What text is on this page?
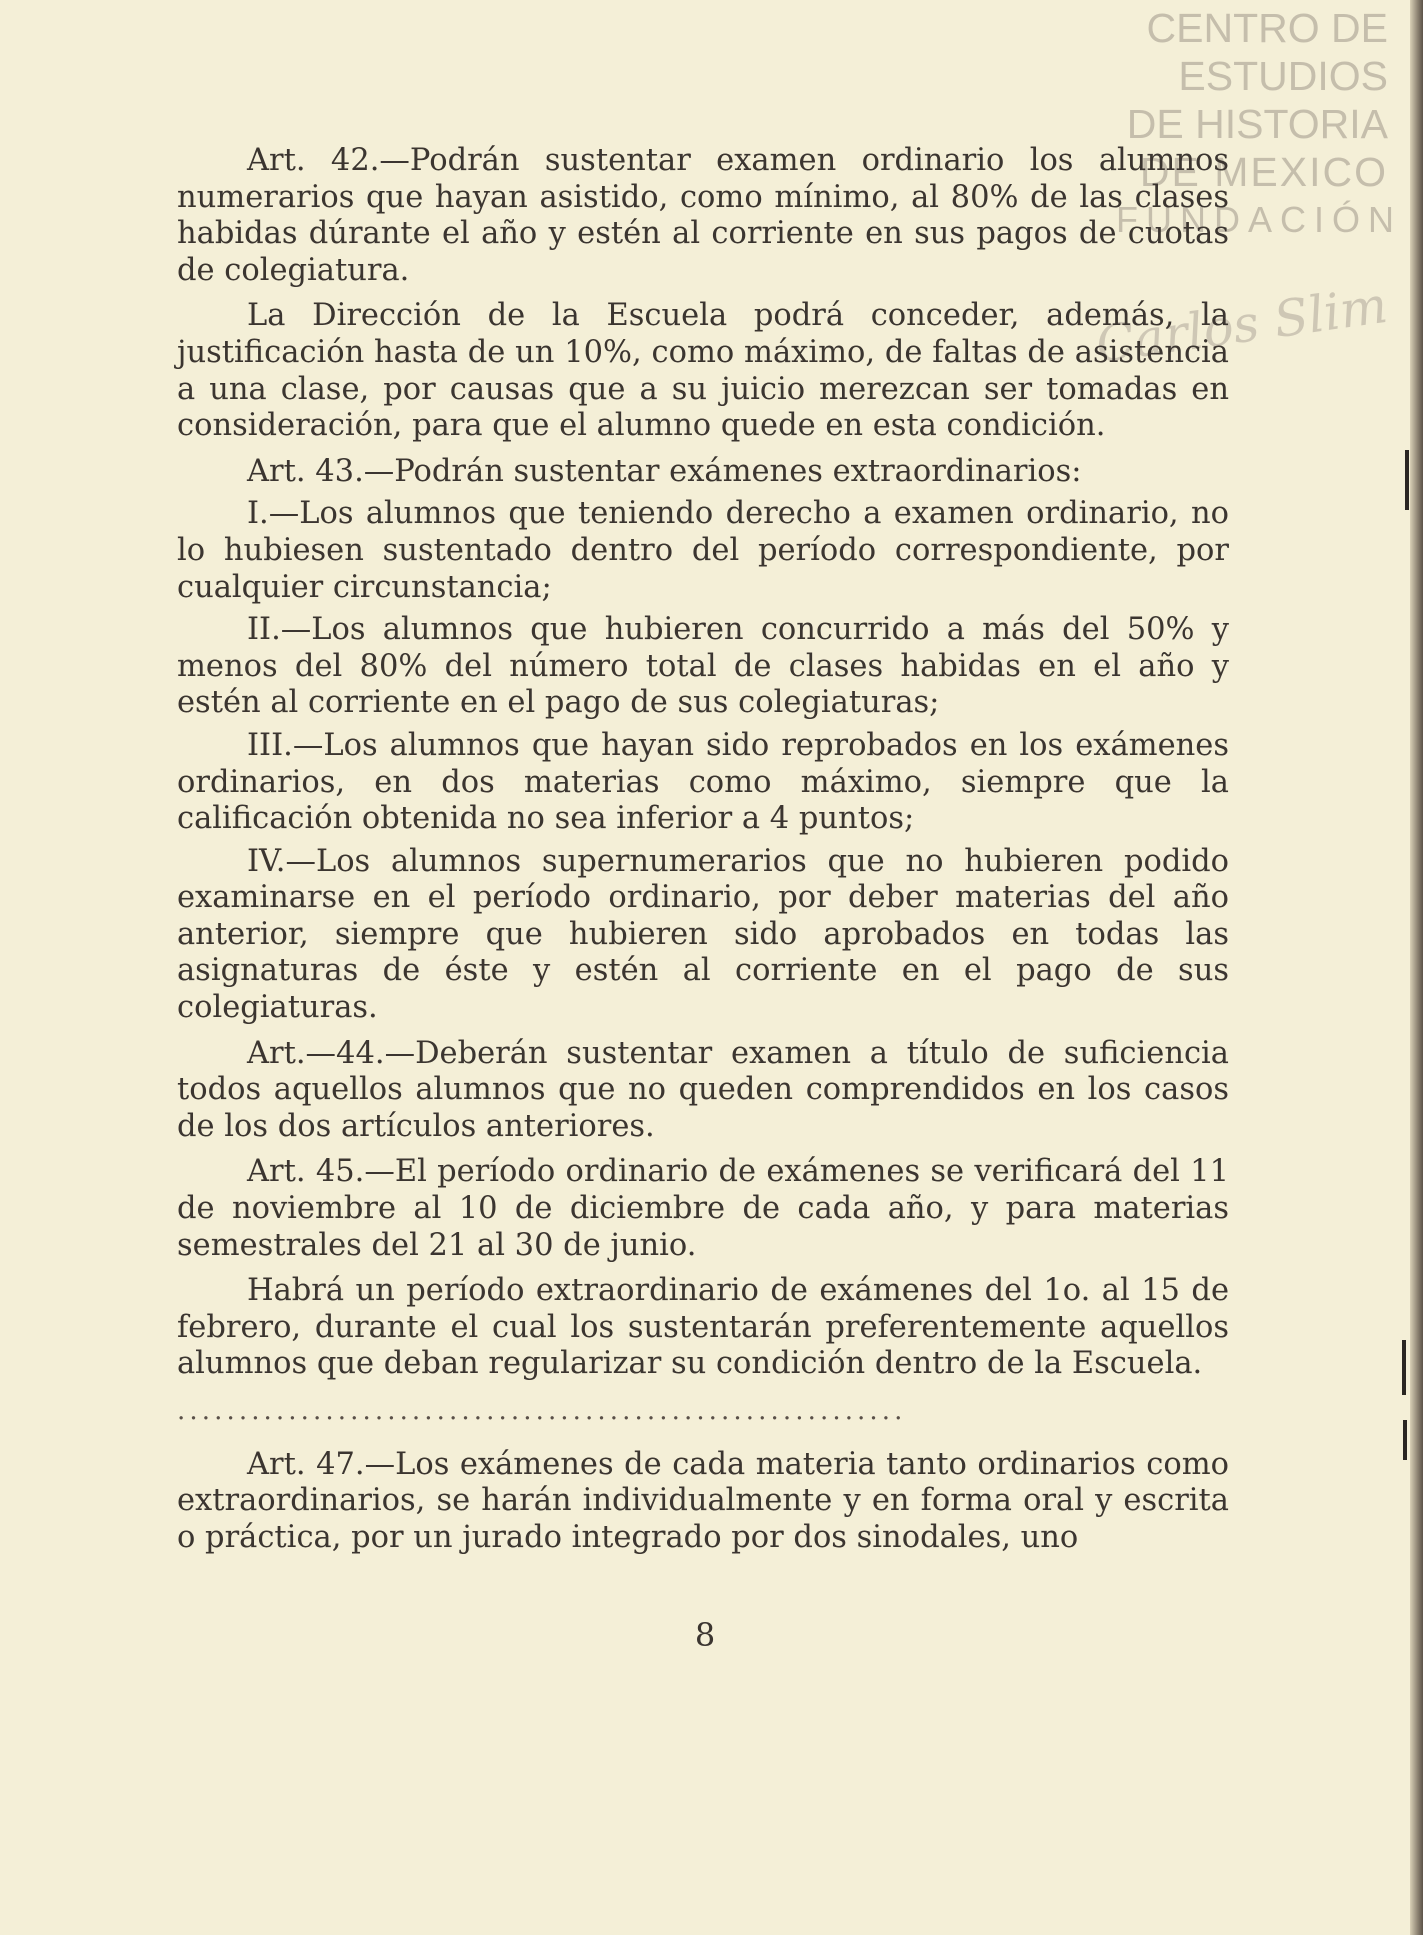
CENTRO DE
ESTUDIOS
DE HISTORIA
DE MEXICO
FUNDACIÓN
Carlos Slim

Art. 42.—Podrán sustentar examen ordinario los alumnos numerarios que hayan asistido, como mínimo, al 80% de las clases habidas dúrante el año y estén al corriente en sus pagos de cuotas de colegiatura.

La Dirección de la Escuela podrá conceder, además, la justificación hasta de un 10%, como máximo, de faltas de asistencia a una clase, por causas que a su juicio merezcan ser tomadas en consideración, para que el alumno quede en esta condición.

Art. 43.—Podrán sustentar exámenes extraordinarios:

I.—Los alumnos que teniendo derecho a examen ordinario, no lo hubiesen sustentado dentro del período correspondiente, por cualquier circunstancia;

II.—Los alumnos que hubieren concurrido a más del 50% y menos del 80% del número total de clases habidas en el año y estén al corriente en el pago de sus colegiaturas;

III.—Los alumnos que hayan sido reprobados en los exámenes ordinarios, en dos materias como máximo, siempre que la calificación obtenida no sea inferior a 4 puntos;

IV.—Los alumnos supernumerarios que no hubieren podido examinarse en el período ordinario, por deber materias del año anterior, siempre que hubieren sido aprobados en todas las asignaturas de éste y estén al corriente en el pago de sus colegiaturas.

Art.—44.—Deberán sustentar examen a título de suficiencia todos aquellos alumnos que no queden comprendidos en los casos de los dos artículos anteriores.

Art. 45.—El período ordinario de exámenes se verificará del 11 de noviembre al 10 de diciembre de cada año, y para materias semestrales del 21 al 30 de junio.

Habrá un período extraordinario de exámenes del 1o. al 15 de febrero, durante el cual los sustentarán preferentemente aquellos alumnos que deban regularizar su condición dentro de la Escuela.

...........................................................

Art. 47.—Los exámenes de cada materia tanto ordinarios como extraordinarios, se harán individualmente y en forma oral y escrita o práctica, por un jurado integrado por dos sinodales, uno

8
